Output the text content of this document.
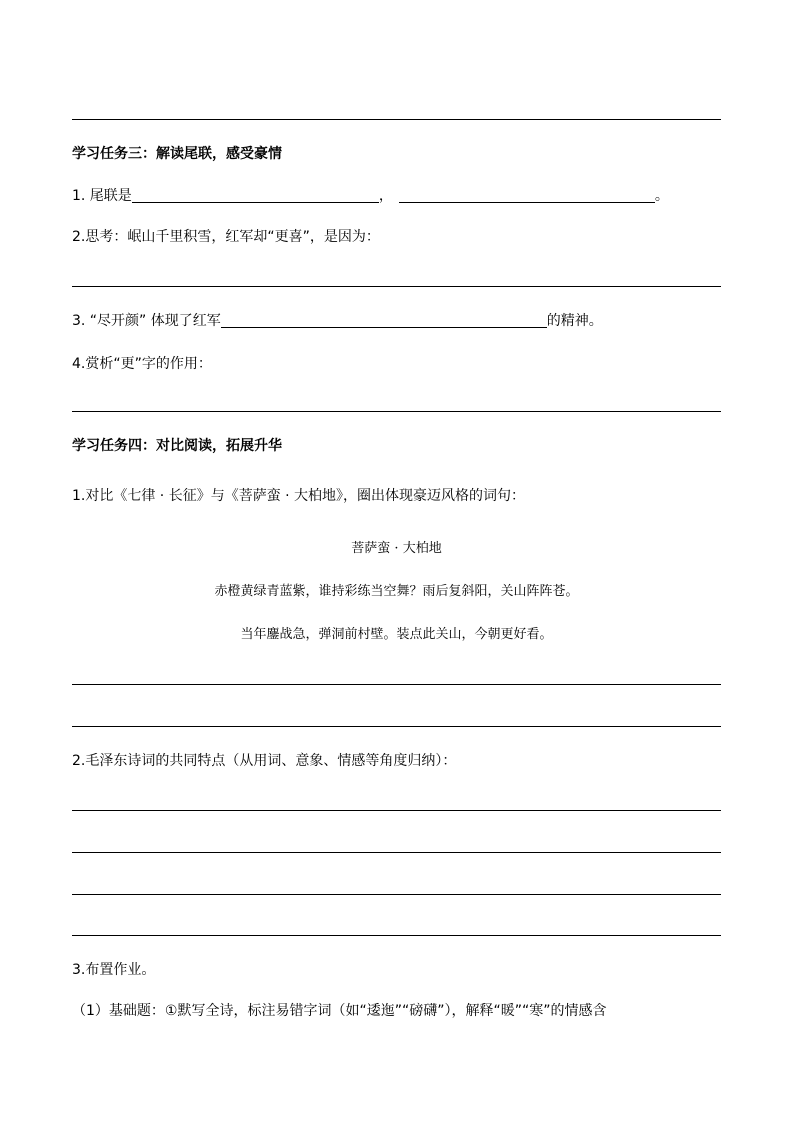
学习任务三：解读尾联，感受豪情
1. 尾联是	，	。
2.思考：岷山千里积雪，红军却“更喜”，是因为：
3. “尽开颜” 体现了红军	的精神。
4.赏析“更”字的作用：
学习任务四：对比阅读，拓展升华
1.对比《七律 · 长征》与《菩萨蛮 · 大柏地》，圈出体现豪迈风格的词句：
菩萨蛮 · 大柏地
赤橙黄绿青蓝紫，谁持彩练当空舞？雨后复斜阳，关山阵阵苍。
当年鏖战急，弹洞前村壁。装点此关山，今朝更好看。
2.毛泽东诗词的共同特点（从用词、意象、情感等角度归纳）：
3.布置作业。
（1）基础题：①默写全诗，标注易错字词（如“逶迤”“磅礴”），解释“暖”“寒”的情感含
